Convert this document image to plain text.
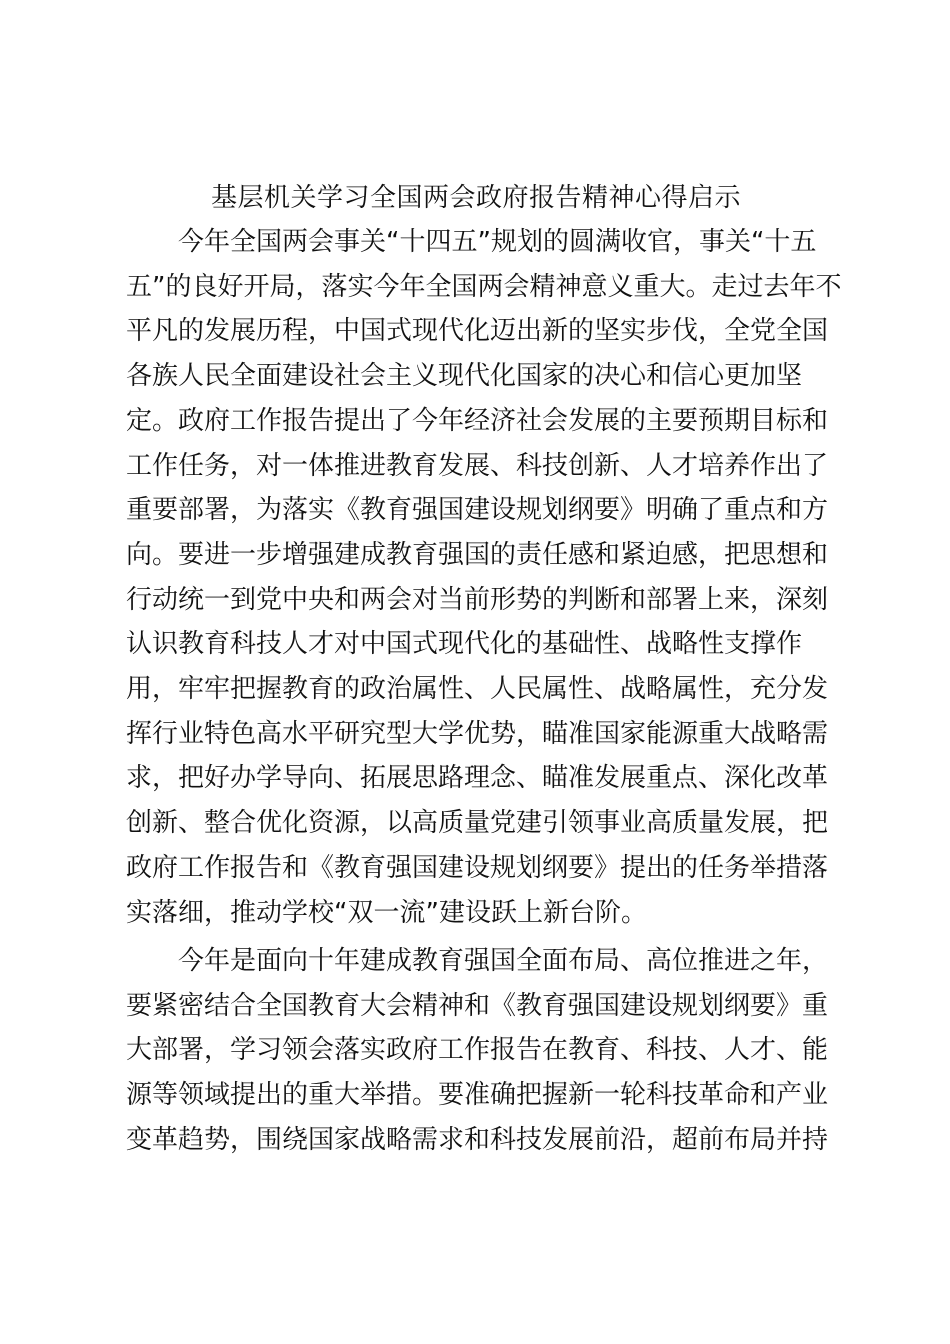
基层机关学习全国两会政府报告精神心得启示
今年全国两会事关“十四五”规划的圆满收官，事关“十五
五”的良好开局，落实今年全国两会精神意义重大。走过去年不
平凡的发展历程，中国式现代化迈出新的坚实步伐，全党全国
各族人民全面建设社会主义现代化国家的决心和信心更加坚
定。政府工作报告提出了今年经济社会发展的主要预期目标和
工作任务，对一体推进教育发展、科技创新、人才培养作出了
重要部署，为落实《教育强国建设规划纲要》明确了重点和方
向。要进一步增强建成教育强国的责任感和紧迫感，把思想和
行动统一到党中央和两会对当前形势的判断和部署上来，深刻
认识教育科技人才对中国式现代化的基础性、战略性支撑作
用，牢牢把握教育的政治属性、人民属性、战略属性，充分发
挥行业特色高水平研究型大学优势，瞄准国家能源重大战略需
求，把好办学导向、拓展思路理念、瞄准发展重点、深化改革
创新、整合优化资源，以高质量党建引领事业高质量发展，把
政府工作报告和《教育强国建设规划纲要》提出的任务举措落
实落细，推动学校“双一流”建设跃上新台阶。
今年是面向十年建成教育强国全面布局、高位推进之年，
要紧密结合全国教育大会精神和《教育强国建设规划纲要》重
大部署，学习领会落实政府工作报告在教育、科技、人才、能
源等领域提出的重大举措。要准确把握新一轮科技革命和产业
变革趋势，围绕国家战略需求和科技发展前沿，超前布局并持
